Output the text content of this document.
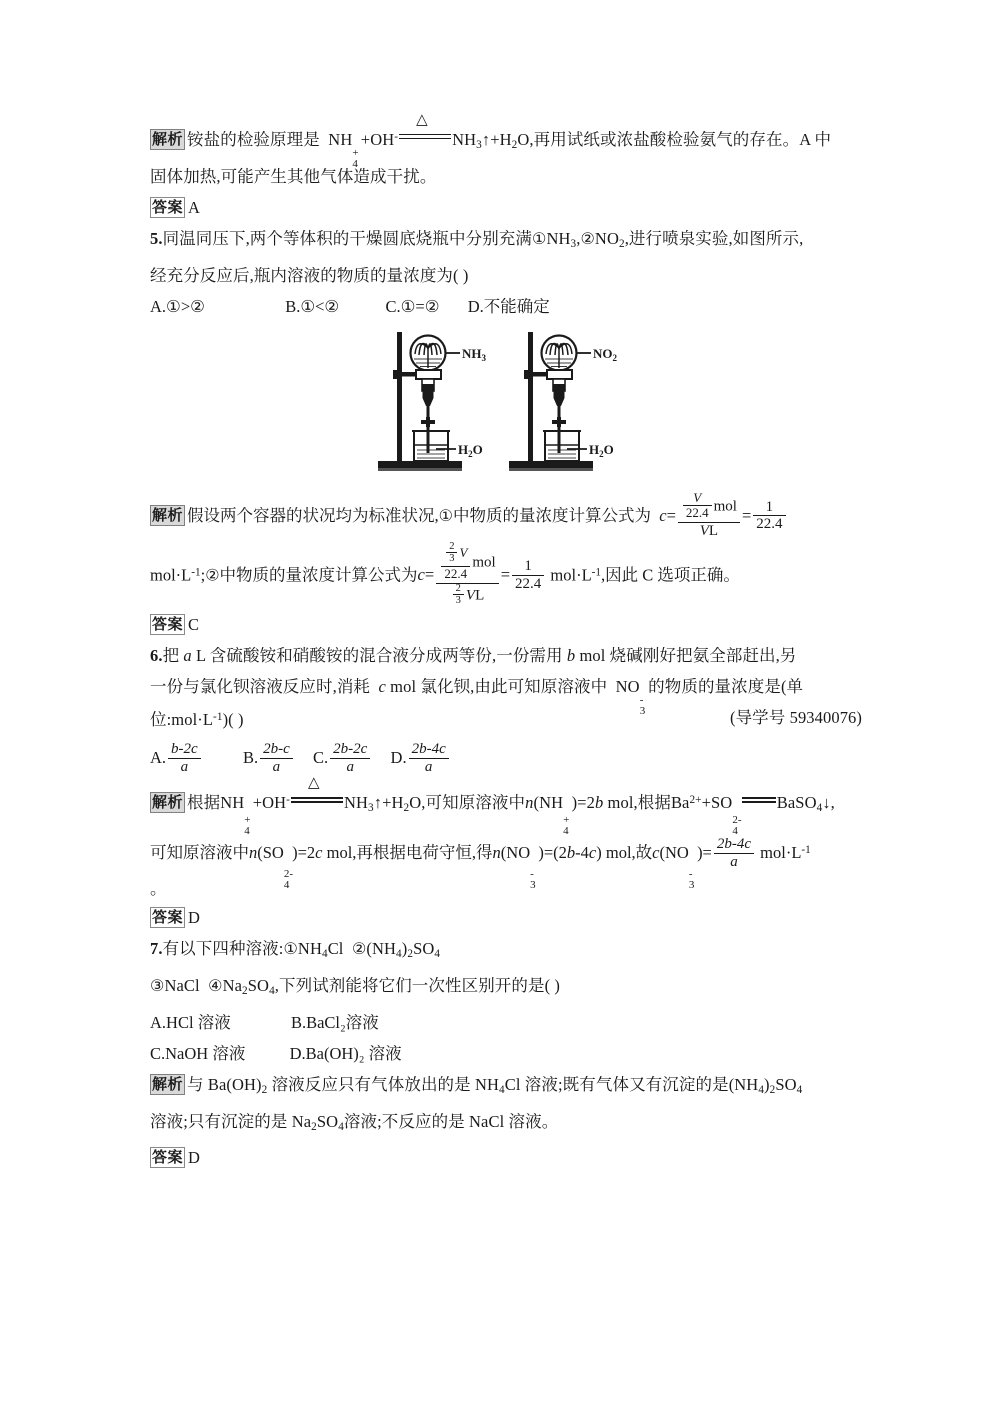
解析 铵盐的检验原理是 NH
4
+
+OH-
△
$NH_3↑+H_2O$,再用试纸或浓盐酸检验氨气的存在。A 中
固体加热,可能产生其他气体造成干扰。
答案 A
5.同温同压下,两个等体积的干燥圆底烧瓶中分别充满$①NH_3,②NO_2$,进行喷泉实验,如图所示,
经充分反应后,瓶内溶液的物质的量浓度为( )
A.①>②	B.①<②	C.①=② D.不能确定
$NH_3$
$H_2O$
$NO_2$
$H_2O$
解析 假设两个容器的状况均为标准状况,①中物质的量浓度计算公式为 $c= \frac{\frac{V}{22.4} mol}{VL} = \frac{1}{22.4}$
$mol\cdot L^{-1};②$中物质的量浓度计算公式为$c= \frac{\frac{\frac{2}{3} V}{22.4} mol}{\frac{2}{3} VL} = \frac{1}{22.4} mol\cdot L^{-1}$,因此 C 选项正确。
答案 C
6.把 a L 含硫酸铵和硝酸铵的混合液分成两等份,一份需用 b mol 烧碱刚好把氨全部赶出,另
一份与氯化钡溶液反应时,消耗 c mol 氯化钡,由此可知原溶液中 NO
3
-
的物质的量浓度是(单
(导学号 59340076)
位$:mol\cdot L^{-1}$)( )
A. $\frac{b-2c}{a}$	B. $\frac{2b-c}{a} C$. $\frac{2b-2c}{a} D$. $\frac{2b-4c}{a}$
解析 根据NH
4
+
+OH-
△
$NH_3↑+H_2O$,可知原溶液中n(NH
4
+
)=2b mol,根据$Ba^{2+}+SO$
4
2-

BaSO$_4$↓,
可知原溶液中n(SO
4
2-
)=2c mol,再根据电荷守恒,得n(NO
3
-
)=(2b-4c) mol,故c(NO
3
-
)= $\frac{2b-4c}{a} mol\cdot L^{-1}$
。
答案 D
7.有以下四种溶液$:①NH_4Cl$ $②(NH_4)_2SO_4$
③NaCl $④Na_2SO_4$,下列试剂能将它们一次性区别开的是( )
A.HCl 溶液	B.BaCl₂溶液
C.NaOH 溶液	D.Ba(OH)₂ 溶液
解析 与 $Ba(OH)_2$ 溶液反应只有气体放出的是 $NH_4Cl$ 溶液;既有气体又有沉淀的是$(NH_4)_2SO_4$
溶液;只有沉淀的是 $Na_2SO_4$溶液;不反应的是 NaCl 溶液。
答案 D
